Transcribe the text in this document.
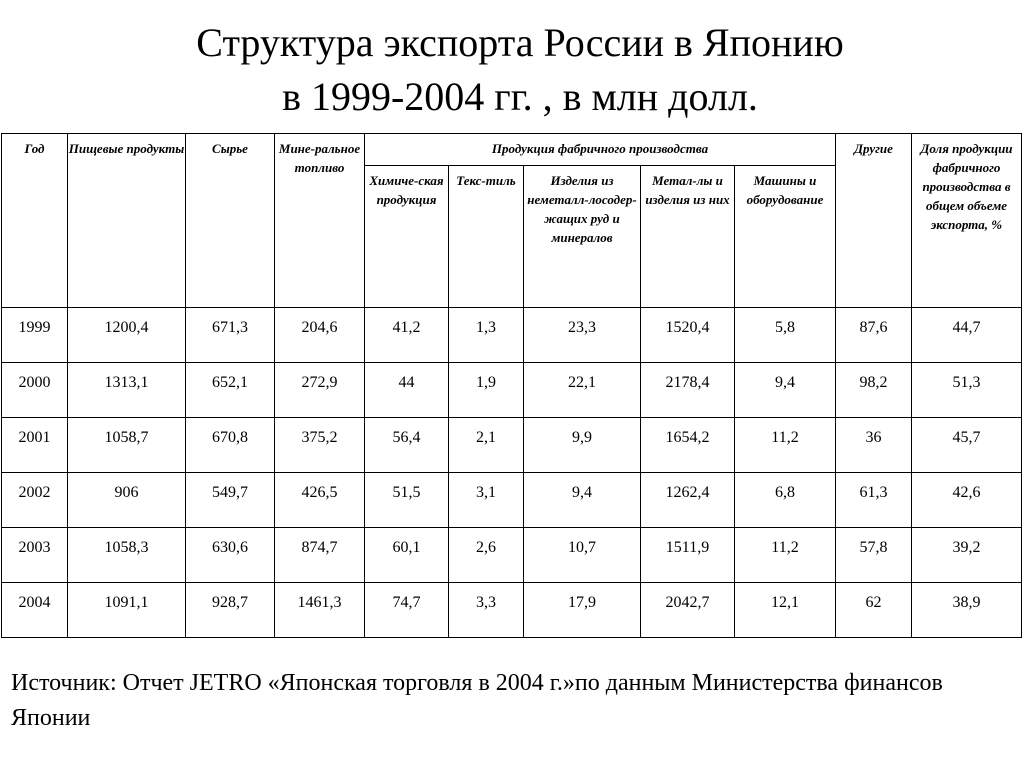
Структура экспорта России в Японию
в 1999-2004 гг. , в млн долл.
Год	Пищевые продукты	Сырье	Мине-ральное топливо	Продукция фабричного производства					Другие	Доля продукции фабричного производства в общем объеме экспорта, %
				Химиче-ская продукция	Текс-тиль	Изделия из неметалл-лосодер-жащих руд и минералов	Метал-лы и изделия из них	Машины и оборудование		
1999	1200,4	671,3	204,6	41,2	1,3	23,3	1520,4	5,8	87,6	44,7
2000	1313,1	652,1	272,9	44	1,9	22,1	2178,4	9,4	98,2	51,3
2001	1058,7	670,8	375,2	56,4	2,1	9,9	1654,2	11,2	36	45,7
2002	906	549,7	426,5	51,5	3,1	9,4	1262,4	6,8	61,3	42,6
2003	1058,3	630,6	874,7	60,1	2,6	10,7	1511,9	11,2	57,8	39,2
2004	1091,1	928,7	1461,3	74,7	3,3	17,9	2042,7	12,1	62	38,9

Источник: Отчет JETRO «Японская торговля в 2004 г.»по данным Министерства финансов Японии
